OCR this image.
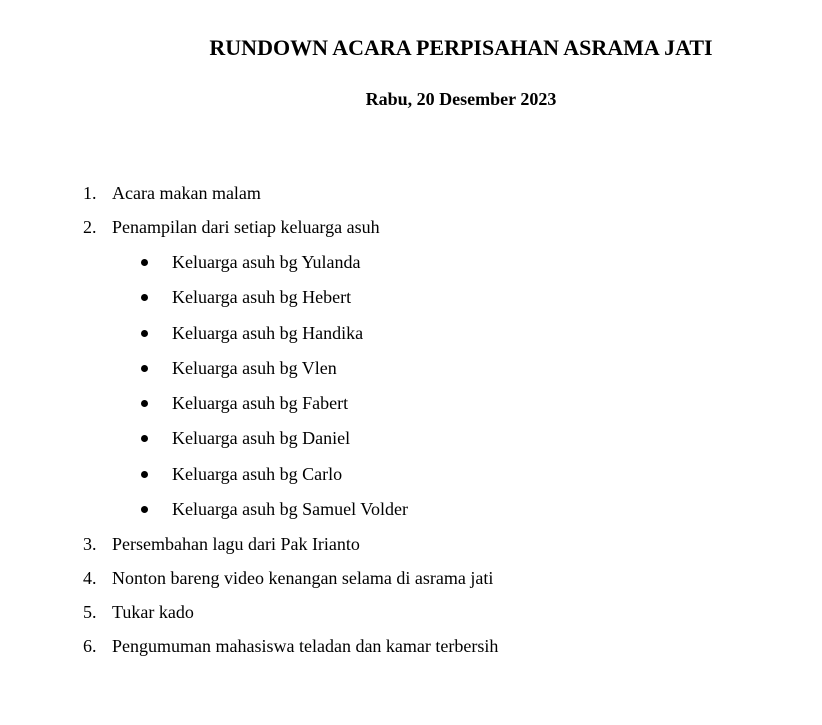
RUNDOWN ACARA PERPISAHAN ASRAMA JATI
Rabu, 20 Desember 2023
1. Acara makan malam
2. Penampilan dari setiap keluarga asuh
Keluarga asuh bg Yulanda
Keluarga asuh bg Hebert
Keluarga asuh bg Handika
Keluarga asuh bg Vlen
Keluarga asuh bg Fabert
Keluarga asuh bg Daniel
Keluarga asuh bg Carlo
Keluarga asuh bg Samuel Volder
3. Persembahan lagu dari Pak Irianto
4. Nonton bareng video kenangan selama di asrama jati
5. Tukar kado
6. Pengumuman mahasiswa teladan dan kamar terbersih
